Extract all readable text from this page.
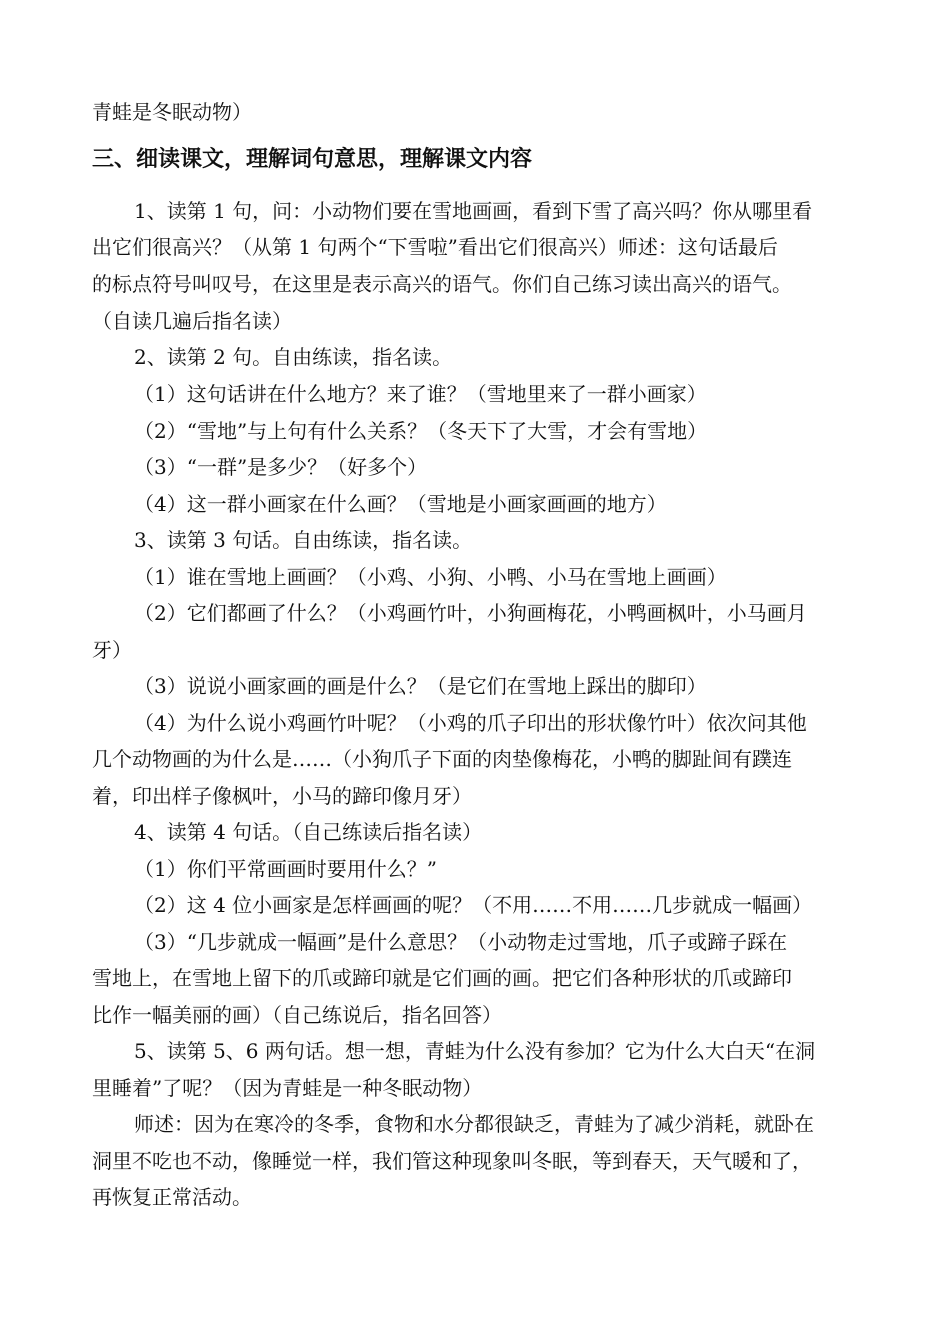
青蛙是冬眠动物）
三、细读课文，理解词句意思，理解课文内容
1、读第 1 句，问：小动物们要在雪地画画，看到下雪了高兴吗？你从哪里看
出它们很高兴？（从第 1 句两个“下雪啦”看出它们很高兴）师述：这句话最后
的标点符号叫叹号，在这里是表示高兴的语气。你们自己练习读出高兴的语气。
（自读几遍后指名读）
2、读第 2 句。自由练读，指名读。
（1）这句话讲在什么地方？来了谁？（雪地里来了一群小画家）
（2）“雪地”与上句有什么关系？（冬天下了大雪，才会有雪地）
（3）“一群”是多少？（好多个）
（4）这一群小画家在什么画？（雪地是小画家画画的地方）
3、读第 3 句话。自由练读，指名读。
（1）谁在雪地上画画？（小鸡、小狗、小鸭、小马在雪地上画画）
（2）它们都画了什么？（小鸡画竹叶，小狗画梅花，小鸭画枫叶，小马画月
牙）
（3）说说小画家画的画是什么？（是它们在雪地上踩出的脚印）
（4）为什么说小鸡画竹叶呢？（小鸡的爪子印出的形状像竹叶）依次问其他
几个动物画的为什么是……（小狗爪子下面的肉垫像梅花，小鸭的脚趾间有蹼连
着，印出样子像枫叶，小马的蹄印像月牙）
4、读第 4 句话。（自己练读后指名读）
（1）你们平常画画时要用什么？”
（2）这 4 位小画家是怎样画画的呢？（不用……不用……几步就成一幅画）
（3）“几步就成一幅画”是什么意思？（小动物走过雪地，爪子或蹄子踩在
雪地上，在雪地上留下的爪或蹄印就是它们画的画。把它们各种形状的爪或蹄印
比作一幅美丽的画）（自己练说后，指名回答）
5、读第 5、6 两句话。想一想，青蛙为什么没有参加？它为什么大白天“在洞
里睡着”了呢？（因为青蛙是一种冬眠动物）
师述：因为在寒冷的冬季，食物和水分都很缺乏，青蛙为了减少消耗，就卧在
洞里不吃也不动，像睡觉一样，我们管这种现象叫冬眠，等到春天，天气暖和了，
再恢复正常活动。
